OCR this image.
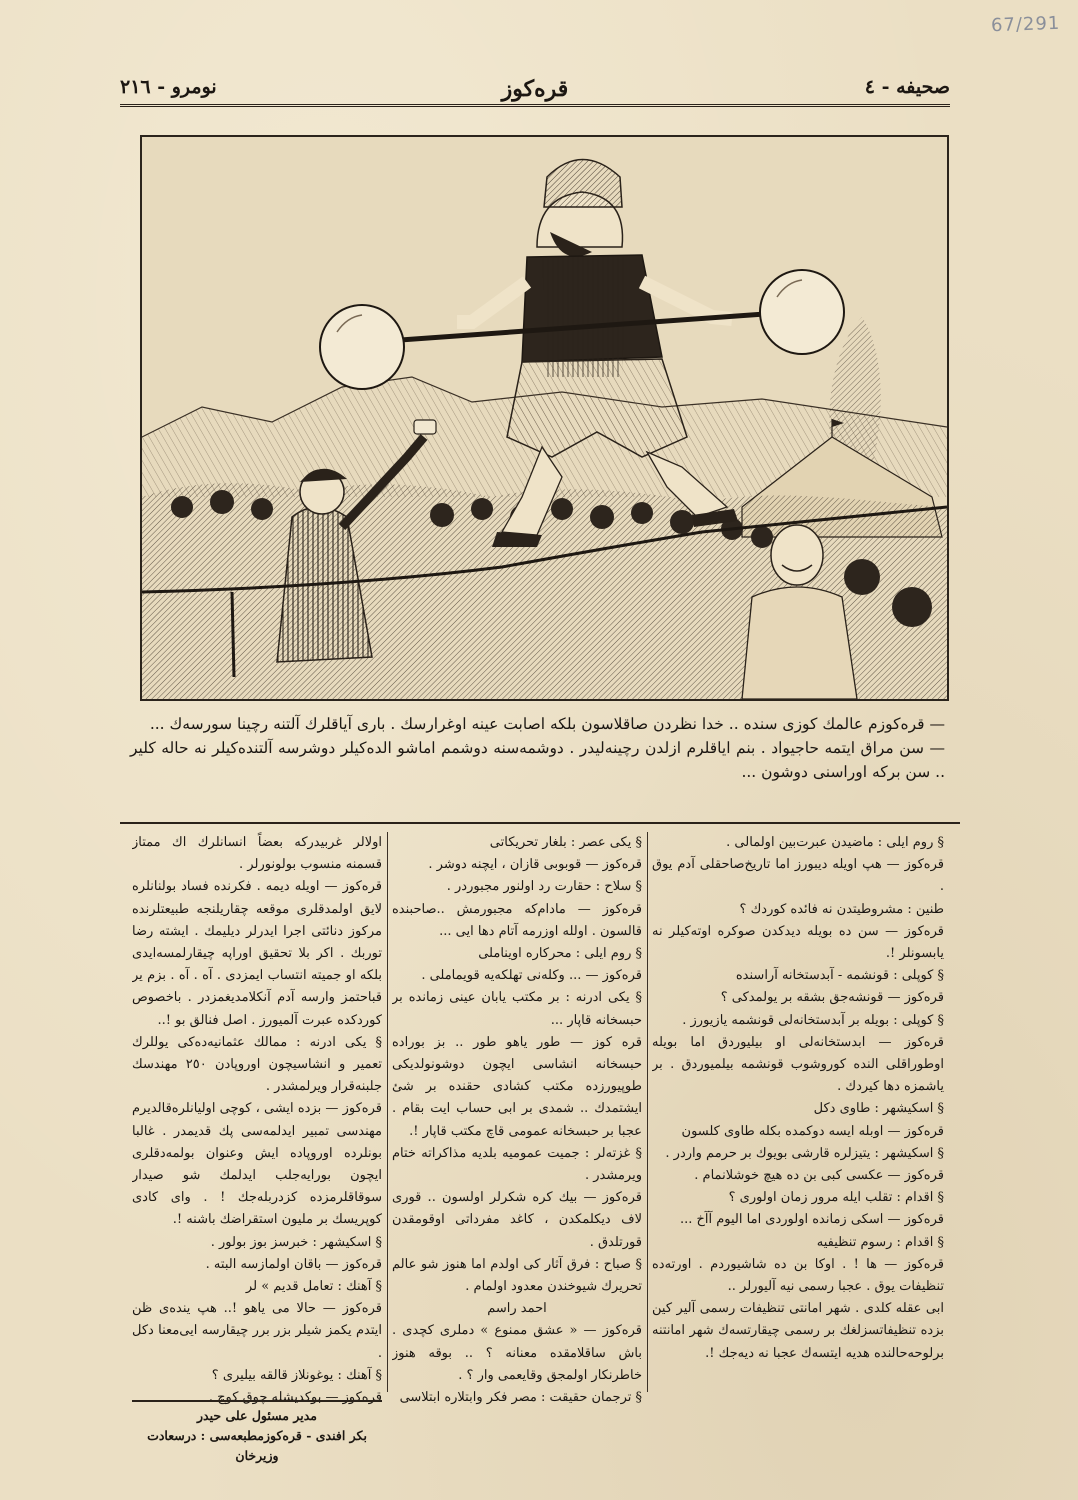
67/291
صحيفه - ٤
قره‌كوز
نومرو - ٢١٦

— قره‌كوزم عالمك كوزى سنده .. خدا نظردن صاقلاسون بلكه اصابت عينه اوغرارسك . بارى آياقلرك آلتنه رچينا سورسه‌ك ...

— سن مراق ايتمه حاجيواد . بنم اياقلرم ازلدن رچينه‌ليدر . دوشمه‌سنه دوشمم اماشو الده‌كيلر دوشرسه آلتنده‌كيلر نه حاله كلير .. سن بركه اوراسنى دوشون ...

§ روم ايلى : ماضيدن عبرت‌بين اولمالى .

قره‌كوز — هپ اويله ديبورز اما تاريخ‌صاحقلى آدم يوق .

طنين : مشروطيتدن نه فائده كوردك ؟

قره‌كوز — سن ده بويله ديدكدن صوكره اوته‌كيلر نه يابسونلر !.

§ كوپلى : قونشمه - آبدستخانه آراسنده

قره‌كوز — قونشه‌جق بشقه بر يولمدكى ؟

§ كوپلى : بويله بر آبدستخانه‌لى قونشمه يازيورز .

قره‌كوز — ابدستخانه‌لى او بيليوردق اما بويله اوطوراقلى الندە كوروشوب قونشمه بيلميوردق . بر ياشمزه دها كيردك .

§ اسكيشهر : طاوى دكل

قره‌كوز — اوبله ايسه دوكمده بكله طاوى كلسون

§ اسكيشهر : يتيزلره قارشى بويوك بر حرمم واردر .

قره‌كوز — عكسى كبى بن ده هيچ خوشلانمام .

§ اقدام : تقلب ايله مرور زمان اولورى ؟

قره‌كوز — اسكى زمانده اولوردى اما اليوم آآخ ...

§ اقدام : رسوم تنظيفيه

قره‌كوز — ها ! . اوكا بن ده شاشيوردم . اورته‌ده تنظيفات يوق . عجبا رسمى نيه آليورلر ..

ابى عقله كلدى . شهر امانتى تنظيفات رسمى آلير كين بزده تنظيفاتسزلغك بر رسمى چيقارتسه‌ك شهر امانتنه برلوحه‌حالنده هديه ايتسه‌ك عجبا نه ديه‌جك !.

§ يكى عصر : بلغار تحريكاتى

قره‌كوز — قوبوبى قازان ، ايچنه دوشر .

§ سلاح : حقارت رد اولنور مجبوردر .

قره‌كوز — مادام‌كه مجبورمش ..صاحبنده قالسون . اولله اوزرمه آتام دها ايى ...

§ روم ايلى : محركاره اويناملى

قره‌كوز — ... وكله‌نى تهلكه‌يه قويماملى .

§ يكى ادرنه : بر مكتب يابان عينى زمانده بر حبسخانه قاپار ...

قره كوز — طور ياهو طور .. بز بوراده حبسخانه انشاسى ايچون دوشونولديكى طوپيورزده مكتب كشادى حقنده بر شئ ايشتمدك .. شمدى بر ابى حساب ايت بقام . عجبا بر حبسخانه عمومى قاچ مكتب قاپار !.

§ غزته‌لر : جميت عموميه بلديه مذاكراته ختام ويرمشدر .

قره‌كوز — بيك كره شكرلر اولسون .. قورى لاف ديكلمكدن ، كاغد مفرداتى اوقومقدن قورتلدق .

§ صباح : فرق آثار كى اولدم اما هنوز شو عالم تحريرك شيوخندن معدود اولمام .

احمد راسم

قره‌كوز — « عشق ممنوع » دملرى كچدى . باش ساقلامقده معنانه ؟ .. بوقه هنوز خاطرنكار اولمجق وقايعمى وار ؟ .

§ ترجمان حقيقت : مصر فكر وابتلاره ابتلاسى

اولالر غربيدركه بعضاً انسانلرك اك ممتاز قسمنه منسوب بولونورلر .

قره‌كوز — اويله ديمه . فكرنده فساد بولنانلره لايق اولمدقلرى موقعه چقاريلنجه طبيعتلرنده مركوز دنائتى اجرا ايدرلر ديليمك . ايشته رضا توربك . اكر بلا تحقيق اوراپه چيقارلمسه‌ايدى بلكه او جميته انتساب ايمزدى . آه . آه . بزم ير قباحتمز وارسه آدم آنكلامديغمزدر . باخصوص كوردكده عبرت آلميورز . اصل فنالق بو !..

§ يكى ادرنه : ممالك عثمانيه‌ده‌كى يوللرك تعمير و انشاسيچون اوروپادن ٢٥٠ مهندسك جلبنه‌قرار ويرلمشدر .

قره‌كوز — بزده ايشى ، كوچى اوليانلره‌قالديرم مهندسى تمبير ايدلمه‌سى پك قديمدر . غالبا بونلرده اوروپاده ايش وعنوان بولمه‌دقلرى ايچون بورايه‌جلب ايدلمك شو صيدار سوقاقلرمزده كزدربله‌جك ! . واى كادى كوپريسك بر مليون استقراضك باشنه !.

§ اسكيشهر : خبرسز بوز بولور .

قره‌كوز — باقان اولمازسه البته .

§ آهنك : تعامل قديم » لر

قره‌كوز — حالا مى ياهو !.. هپ ينده‌ى ظن ايتدم يكمز شيلر بزر برر چيقارسه ايى‌معنا دكل .

§ آهنك : يوغونلاز قالقه بيليرى ؟

قره‌كوز — بوكديشله چوق كوچ .

مدير مسئول على حيدر
بكر افندى - قره‌كوزمطبعه‌سى : درسعادت وزيرخان
